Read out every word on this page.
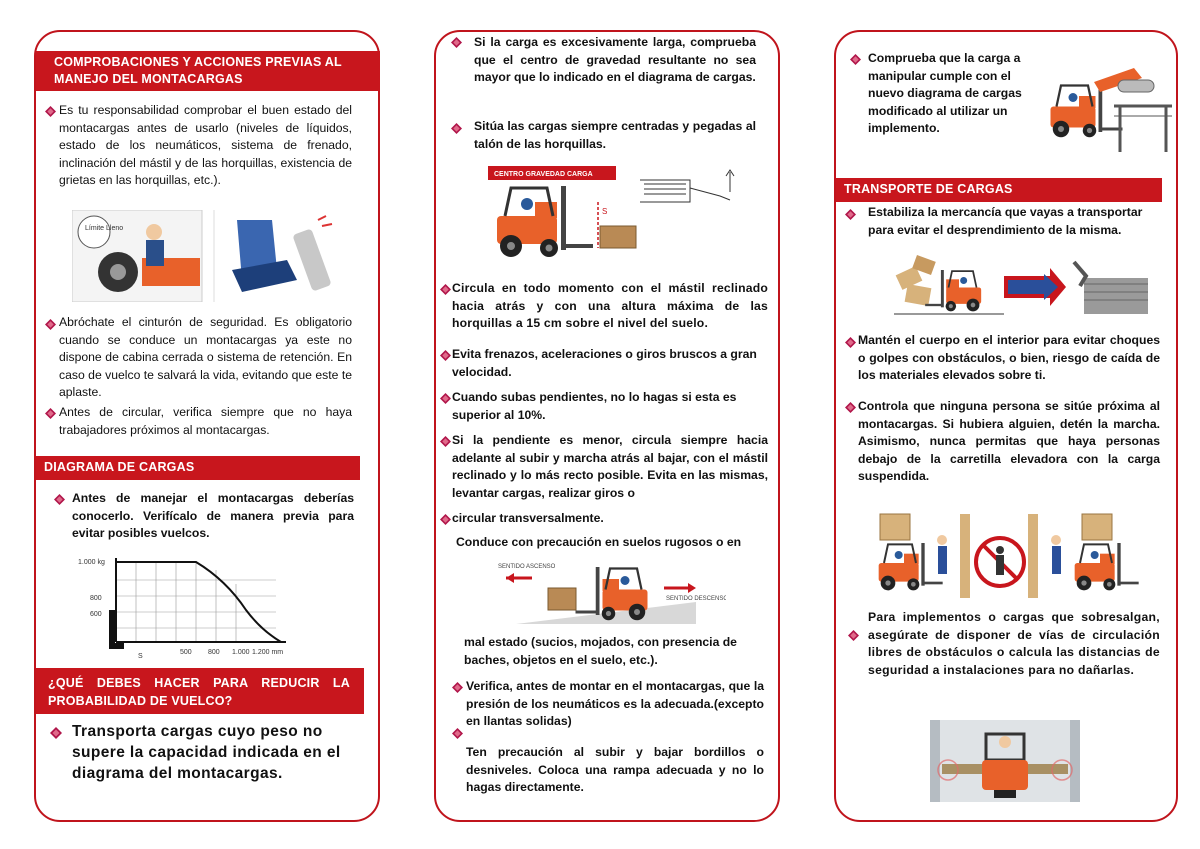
COMPROBACIONES Y ACCIONES PREVIAS AL MANEJO DEL MONTACARGAS
Es tu responsabilidad comprobar el buen estado del montacargas antes de usarlo (niveles de líquidos, estado de los neumáticos, sistema de frenado, inclinación del mástil y de las horquillas, existencia de grietas en las horquillas, etc.).
Límite Lleno
Abróchate el cinturón de seguridad. Es obligatorio cuando se conduce un montacargas ya este no dispone de cabina cerrada o sistema de retención. En caso de vuelco te salvará la vida, evitando que este te aplaste.
Antes de circular, verifica siempre que no haya trabajadores próximos al montacargas.
DIAGRAMA DE CARGAS
Antes de manejar el montacargas deberías conocerlo. Verifícalo de manera previa para evitar posibles vuelcos.
1.000 kg
800
600
500 800 1.000 1.200 mm
S
¿QUÉ DEBES HACER PARA REDUCIR LA PROBABILIDAD DE VUELCO?
Transporta cargas cuyo peso no supere la capacidad indicada en el diagrama del montacargas.
Si la carga es excesivamente larga, comprueba que el centro de gravedad resultante no sea mayor que lo indicado en el diagrama de cargas.
Sitúa las cargas siempre centradas y pegadas al talón de las horquillas.
CENTRO GRAVEDAD CARGA
S
Circula en todo momento con el mástil reclinado hacia atrás y con una altura máxima de las horquillas a 15 cm sobre el nivel del suelo.
Evita frenazos, aceleraciones o giros bruscos a gran velocidad.
Cuando subas pendientes, no lo hagas si esta es superior al 10%.
Si la pendiente es menor, circula siempre hacia adelante al subir y marcha atrás al bajar, con el mástil reclinado y lo más recto posible. Evita en las mismas, levantar cargas, realizar giros o
circular transversalmente.
Conduce con precaución en suelos rugosos o en
SENTIDO ASCENSO
SENTIDO DESCENSO
mal estado (sucios, mojados, con presencia de baches, objetos en el suelo, etc.).
Verifica, antes de montar en el montacargas, que la presión de los neumáticos es la adecuada.(excepto en llantas solidas)
Ten precaución al subir y bajar bordillos o desniveles. Coloca una rampa adecuada y no lo hagas directamente.
Comprueba que la carga a manipular cumple con el nuevo diagrama de cargas modificado al utilizar un implemento.
TRANSPORTE DE CARGAS
Estabiliza la mercancía que vayas a transportar para evitar el desprendimiento de la misma.
Mantén el cuerpo en el interior para evitar choques o golpes con obstáculos, o bien, riesgo de caída de los materiales elevados sobre ti.
Controla que ninguna persona se sitúe próxima al montacargas. Si hubiera alguien, detén la marcha. Asimismo, nunca permitas que haya personas debajo de la carretilla elevadora con la carga suspendida.
Para implementos o cargas que sobresalgan, asegúrate de disponer de vías de circulación libres de obstáculos o calcula las distancias de seguridad a instalaciones para no dañarlas.
